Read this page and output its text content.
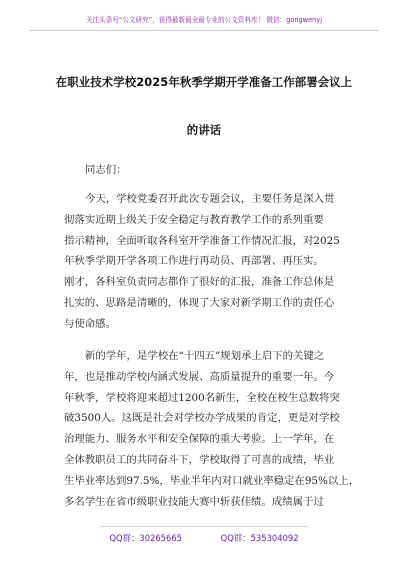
关注头条号“公文研究”，获得最新最全最专业的公文资料库！ 微信：gongwenyj
在职业技术学校2025年秋季学期开学准备工作部署会议上
的讲话
同志们：
今天，学校党委召开此次专题会议，主要任务是深入贯
彻落实近期上级关于安全稳定与教育教学工作的系列重要
指示精神，全面听取各科室开学准备工作情况汇报，对2025
年秋季学期开学各项工作进行再动员、再部署、再压实。
刚才，各科室负责同志都作了很好的汇报，准备工作总体是
扎实的、思路是清晰的，体现了大家对新学期工作的责任心
与使命感。
新的学年，是学校在“十四五”规划承上启下的关键之
年，也是推动学校内涵式发展、高质量提升的重要一年。今
年秋季，学校将迎来超过1200名新生，全校在校生总数将突
破3500人。这既是社会对学校办学成果的肯定，更是对学校
治理能力、服务水平和安全保障的重大考验。上一学年，在
全体教职员工的共同奋斗下，学校取得了可喜的成绩，毕业
生毕业率达到97.5%，毕业半年内对口就业率稳定在95%以上，
多名学生在省市级职业技能大赛中斩获佳绩。成绩属于过
QQ群：30265665	QQ群：535304092
